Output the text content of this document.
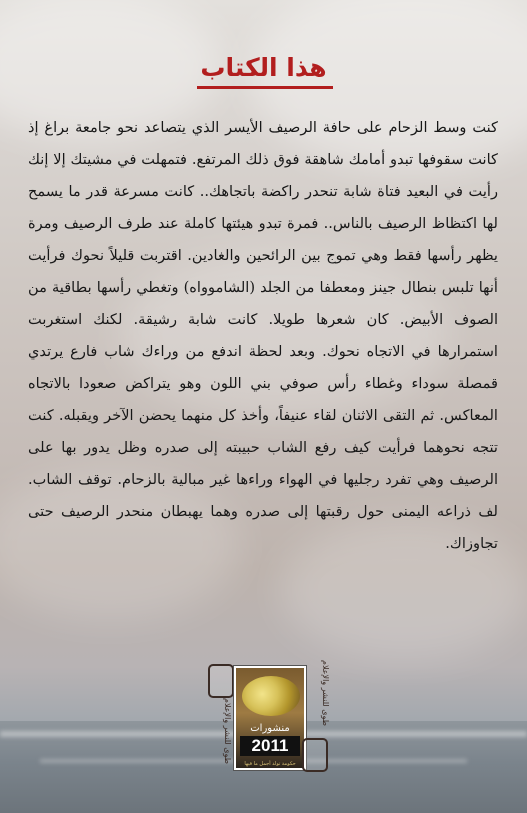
هذا الكتاب

كنت وسط الزحام على حافة الرصيف الأيسر الذي يتصاعد نحو جامعة براغ إذ كانت سقوفها تبدو أمامك شاهقة فوق ذلك المرتفع. فتمهلت في مشيتك إلا إنك رأيت في البعيد فتاة شابة تنحدر راكضة باتجاهك.. كانت مسرعة قدر ما يسمح لها اكتظاظ الرصيف بالناس.. فمرة تبدو هيئتها كاملة عند طرف الرصيف ومرة يظهر رأسها فقط وهي تموج بين الرائحين والغادين. اقتربت قليلاً نحوك فرأيت أنها تلبس بنطال جينز ومعطفا من الجلد (الشاموواه) وتغطي رأسها بطاقية من الصوف الأبيض. كان شعرها طويلا. كانت شابة رشيقة. لكنك استغربت استمرارها في الاتجاه نحوك. وبعد لحظة اندفع من وراءك شاب فارع يرتدي قمصلة سوداء وغطاء رأس صوفي بني اللون وهو يتراكض صعودا بالاتجاه المعاكس. ثم التقى الاثنان لقاء عنيفاً، وأخذ كل منهما يحضن الآخر ويقبله. كنت تتجه نحوهما فرأيت كيف رفع الشاب حبيبته إلى صدره وظل يدور بها على الرصيف وهي تفرد رجليها في الهواء وراءها غير مبالية بالزحام. توقف الشاب. لف ذراعه اليمنى حول رقبتها إلى صدره وهما يهبطان منحدر الرصيف حتى تجاوزاك.

طوى للنشر والإعلام	منشورات
2011
حكومة تولد أجمل ما فيها
طوى للنشر والإعلام
